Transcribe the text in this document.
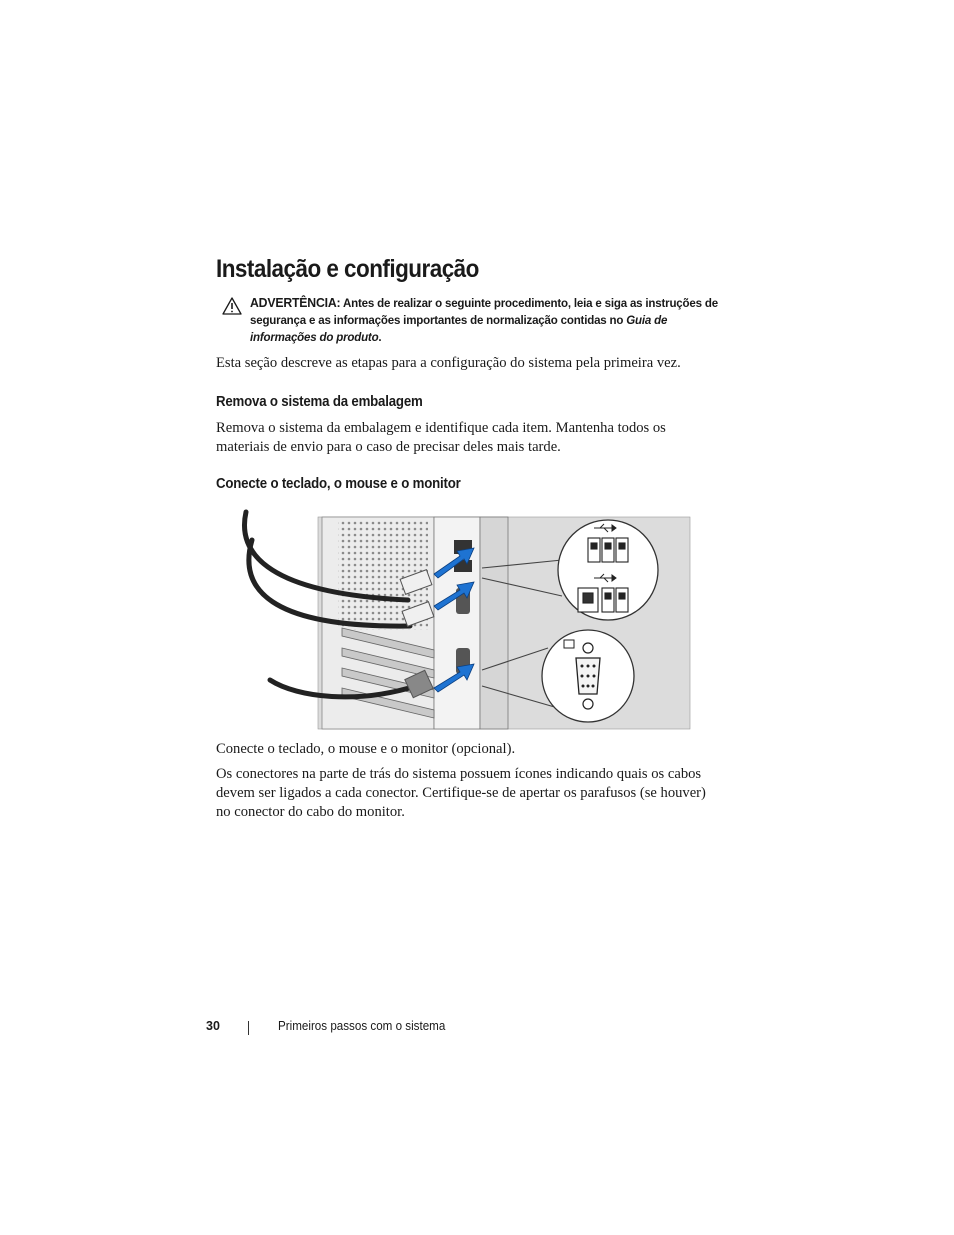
Instalação e configuração
ADVERTÊNCIA: Antes de realizar o seguinte procedimento, leia e siga as instruções de segurança e as informações importantes de normalização contidas no Guia de informações do produto.

Esta seção descreve as etapas para a configuração do sistema pela primeira vez.

Remova o sistema da embalagem

Remova o sistema da embalagem e identifique cada item. Mantenha todos os materiais de envio para o caso de precisar deles mais tarde.

Conecte o teclado, o mouse e o monitor

Conecte o teclado, o mouse e o monitor (opcional).

Os conectores na parte de trás do sistema possuem ícones indicando quais os cabos devem ser ligados a cada conector. Certifique-se de apertar os parafusos (se houver) no conector do cabo do monitor.

30	Primeiros passos com o sistema
